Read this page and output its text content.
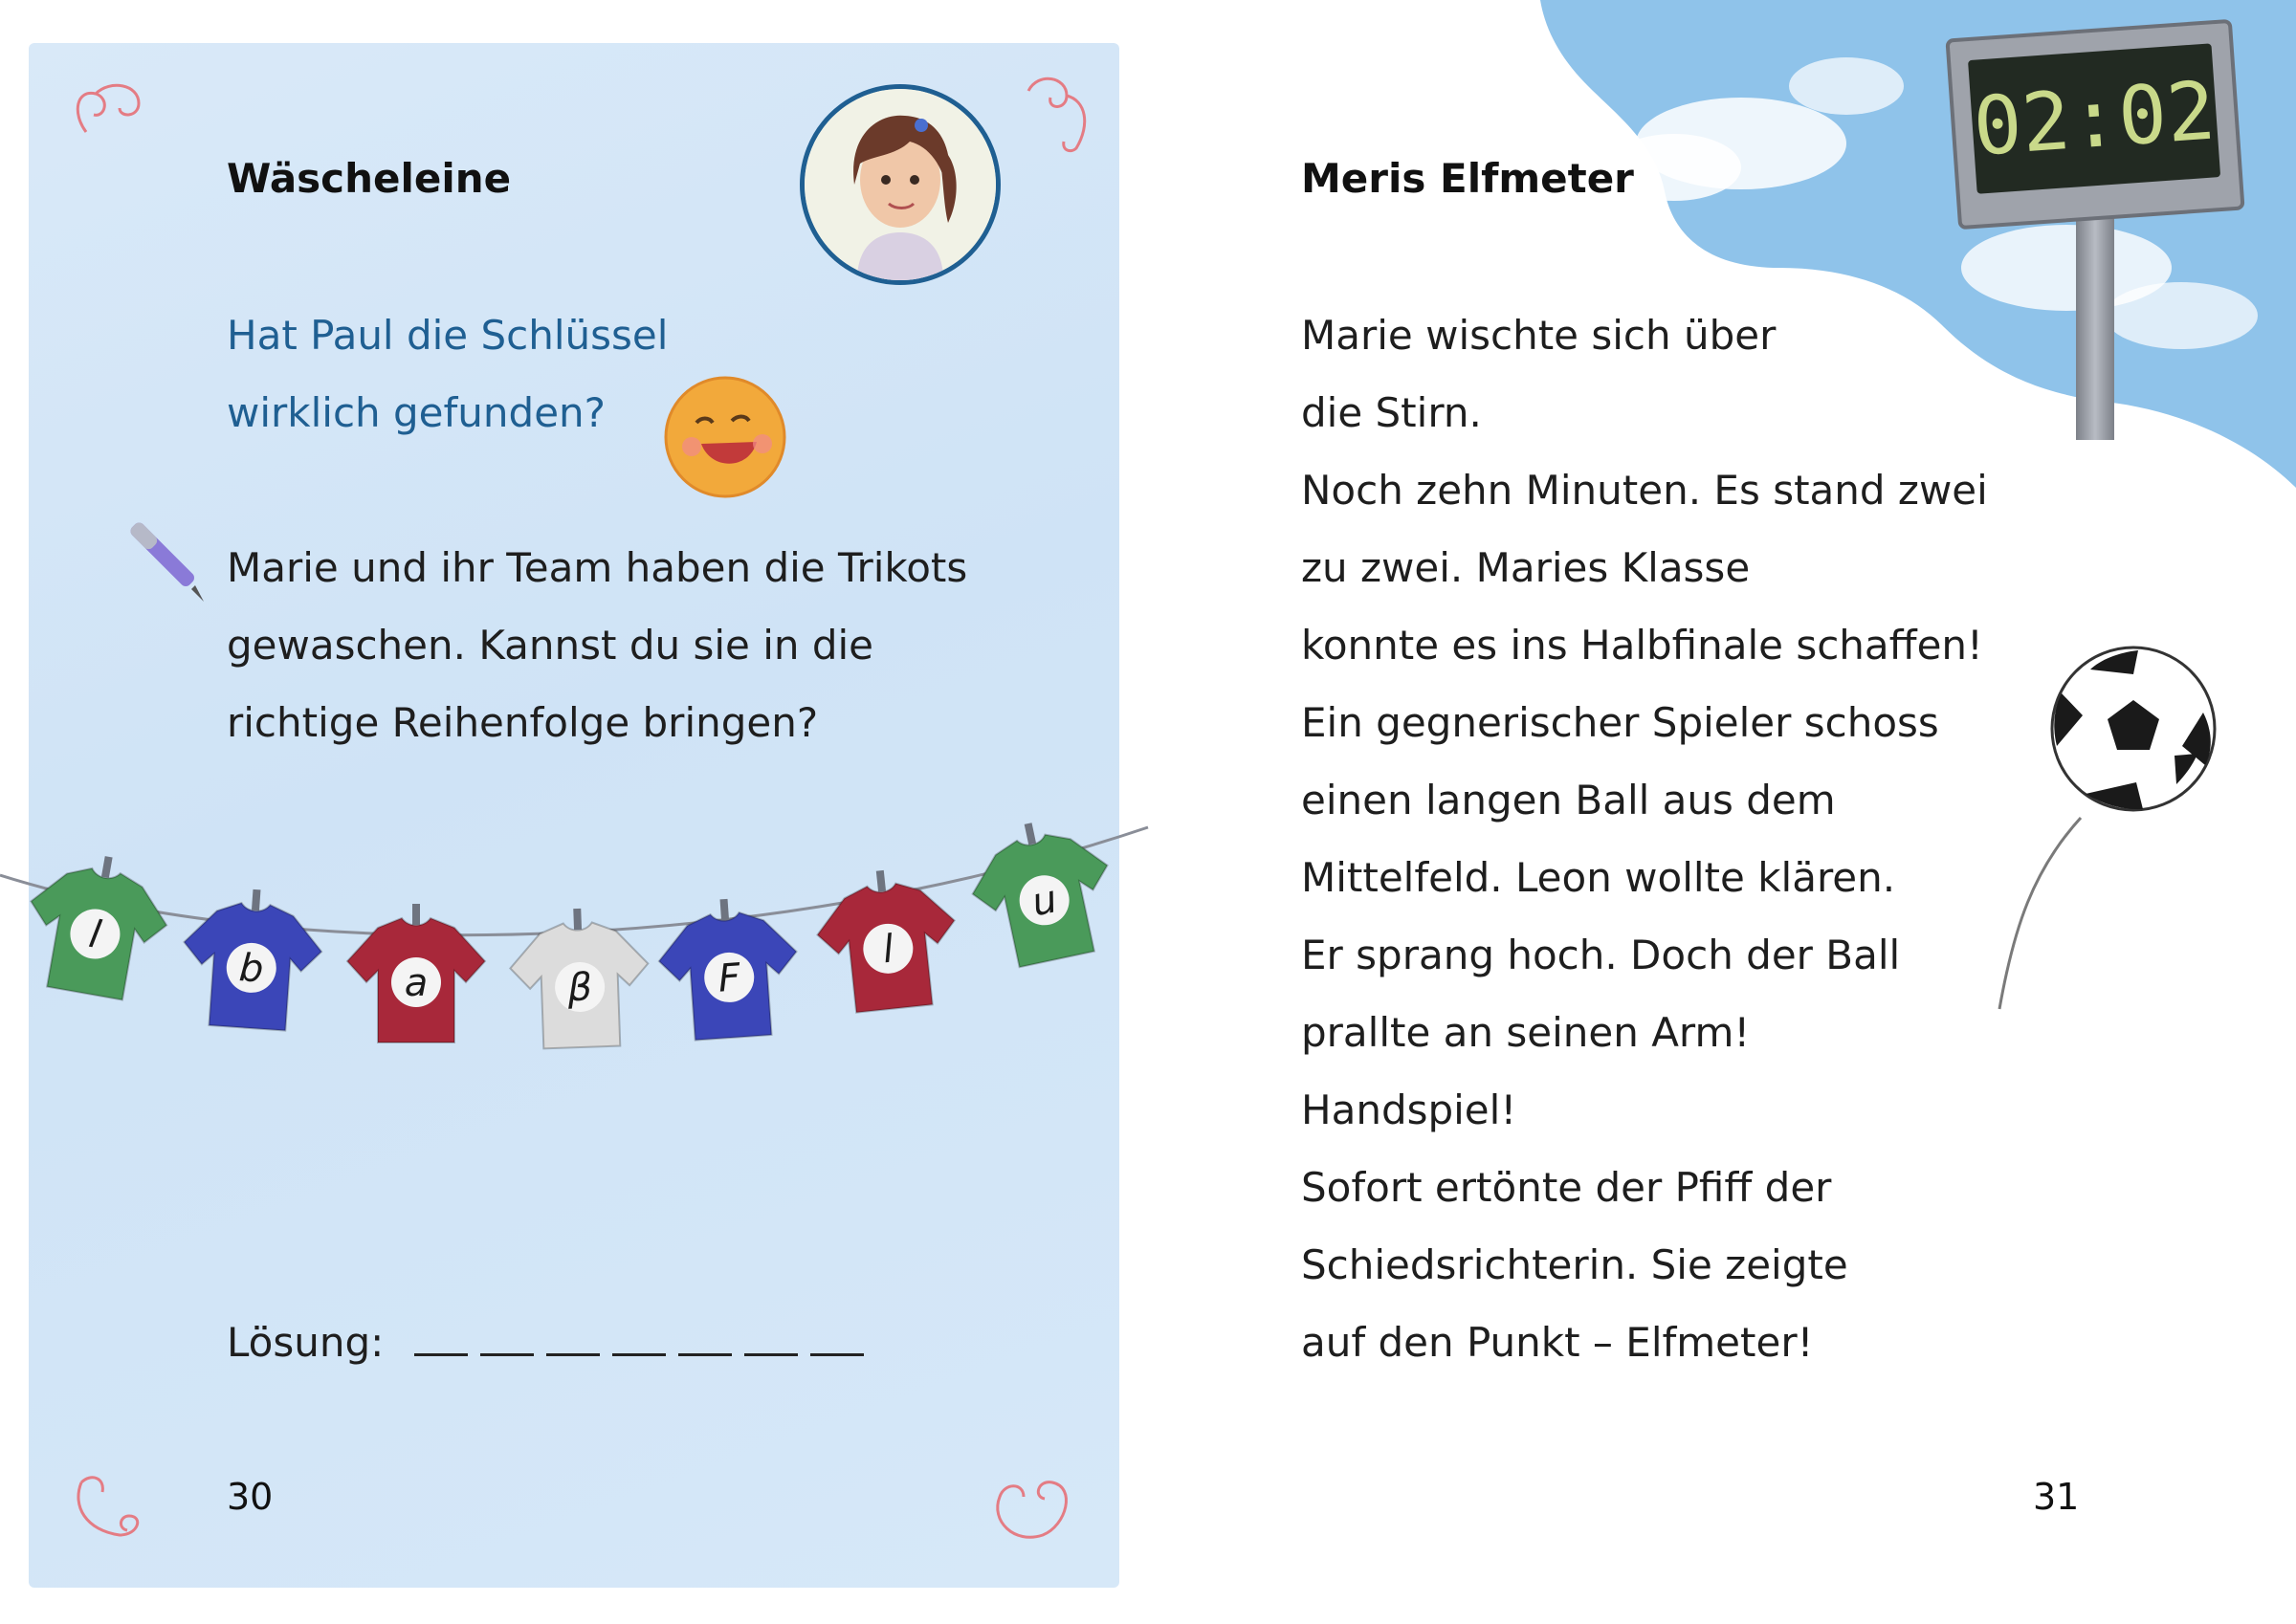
Wäscheleine
Hat Paul die Schlüssel
wirklich gefunden?
Marie und ihr Team haben die Trikots
gewaschen. Kannst du sie in die
richtige Reihenfolge bringen?
l
b	a	β	F
l
u
Lösung:
30
02:02
Meris Elfmeter
Marie wischte sich über
die Stirn.
Noch zehn Minuten. Es stand zwei
zu zwei. Maries Klasse
konnte es ins Halbfinale schaffen!
Ein gegnerischer Spieler schoss
einen langen Ball aus dem
Mittelfeld. Leon wollte klären.
Er sprang hoch. Doch der Ball
prallte an seinen Arm!
Handspiel!
Sofort ertönte der Pfiff der
Schiedsrichterin. Sie zeigte
auf den Punkt – Elfmeter!
31
